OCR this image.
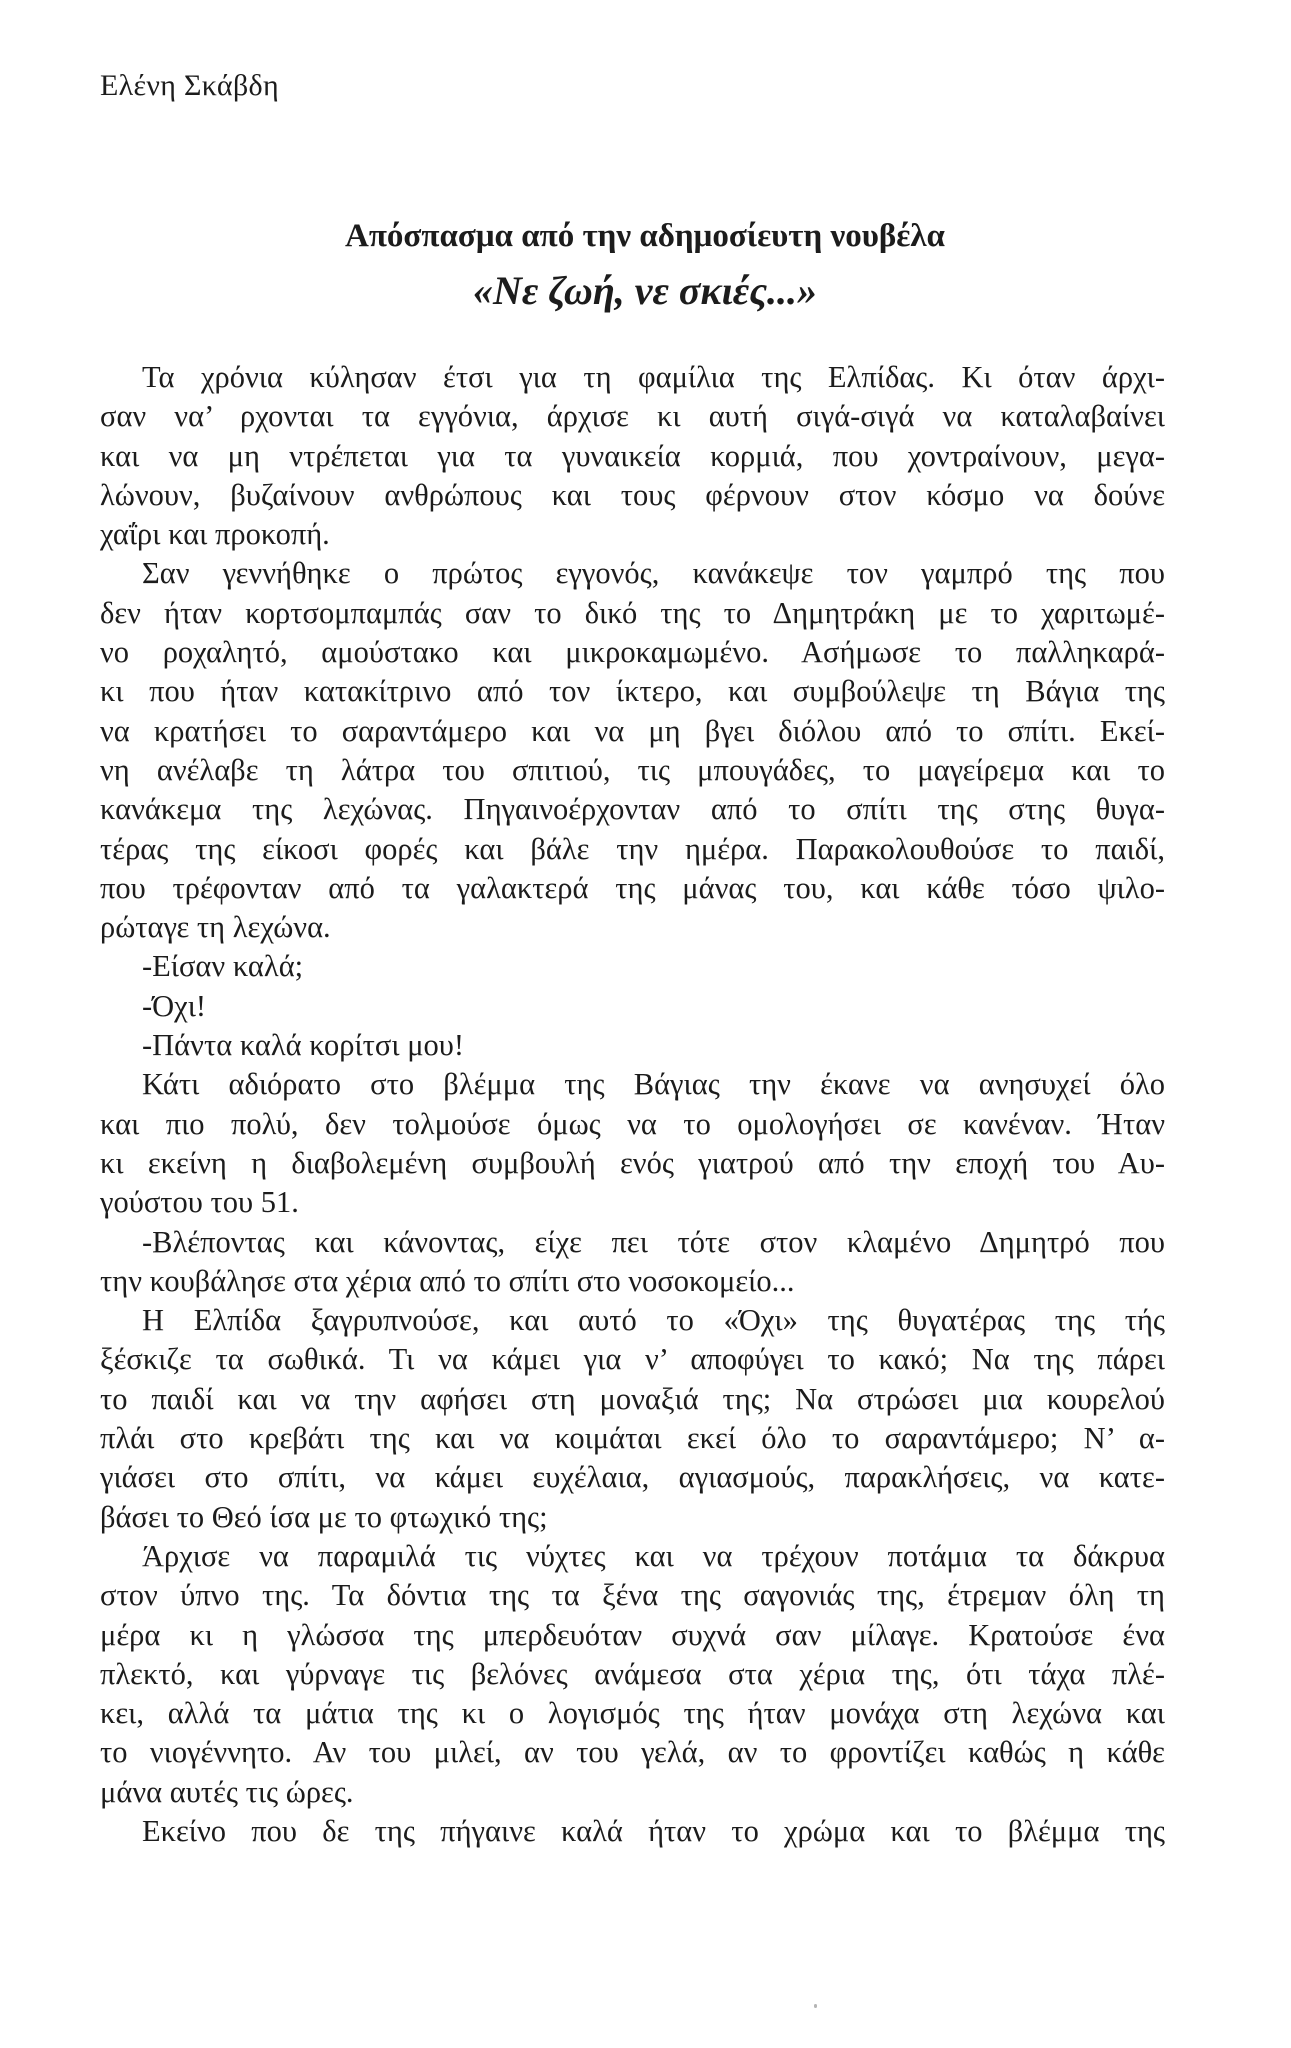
Ελένη Σκάβδη
Απόσπασμα από την αδημοσίευτη νουβέλα
«Νε ζωή, νε σκιές...»
Τα χρόνια κύλησαν έτσι για τη φαμίλια της Ελπίδας. Κι όταν άρχι-
σαν να’ ρχονται τα εγγόνια, άρχισε κι αυτή σιγά-σιγά να καταλαβαίνει
και να μη ντρέπεται για τα γυναικεία κορμιά, που χοντραίνουν, μεγα-
λώνουν, βυζαίνουν ανθρώπους και τους φέρνουν στον κόσμο να δούνε
χαΐρι και προκοπή.
Σαν γεννήθηκε ο πρώτος εγγονός, κανάκεψε τον γαμπρό της που
δεν ήταν κορτσομπαμπάς σαν το δικό της το Δημητράκη με το χαριτωμέ-
νο ροχαλητό, αμούστακο και μικροκαμωμένο. Ασήμωσε το παλληκαρά-
κι που ήταν κατακίτρινο από τον ίκτερο, και συμβούλεψε τη Βάγια της
να κρατήσει το σαραντάμερο και να μη βγει διόλου από το σπίτι. Εκεί-
νη ανέλαβε τη λάτρα του σπιτιού, τις μπουγάδες, το μαγείρεμα και το
κανάκεμα της λεχώνας. Πηγαινοέρχονταν από το σπίτι της στης θυγα-
τέρας της είκοσι φορές και βάλε την ημέρα. Παρακολουθούσε το παιδί,
που τρέφονταν από τα γαλακτερά της μάνας του, και κάθε τόσο ψιλο-
ρώταγε τη λεχώνα.
-Είσαν καλά;
-Όχι!
-Πάντα καλά κορίτσι μου!
Κάτι αδιόρατο στο βλέμμα της Βάγιας την έκανε να ανησυχεί όλο
και πιο πολύ, δεν τολμούσε όμως να το ομολογήσει σε κανέναν. Ήταν
κι εκείνη η διαβολεμένη συμβουλή ενός γιατρού από την εποχή του Αυ-
γούστου του 51.
-Βλέποντας και κάνοντας, είχε πει τότε στον κλαμένο Δημητρό που
την κουβάλησε στα χέρια από το σπίτι στο νοσοκομείο...
Η Ελπίδα ξαγρυπνούσε, και αυτό το «Όχι» της θυγατέρας της τής
ξέσκιζε τα σωθικά. Τι να κάμει για ν’ αποφύγει το κακό; Να της πάρει
το παιδί και να την αφήσει στη μοναξιά της; Να στρώσει μια κουρελού
πλάι στο κρεβάτι της και να κοιμάται εκεί όλο το σαραντάμερο; Ν’ α-
γιάσει στο σπίτι, να κάμει ευχέλαια, αγιασμούς, παρακλήσεις, να κατε-
βάσει το Θεό ίσα με το φτωχικό της;
Άρχισε να παραμιλά τις νύχτες και να τρέχουν ποτάμια τα δάκρυα
στον ύπνο της. Τα δόντια της τα ξένα της σαγονιάς της, έτρεμαν όλη τη
μέρα κι η γλώσσα της μπερδευόταν συχνά σαν μίλαγε. Κρατούσε ένα
πλεκτό, και γύρναγε τις βελόνες ανάμεσα στα χέρια της, ότι τάχα πλέ-
κει, αλλά τα μάτια της κι ο λογισμός της ήταν μονάχα στη λεχώνα και
το νιογέννητο. Αν του μιλεί, αν του γελά, αν το φροντίζει καθώς η κάθε
μάνα αυτές τις ώρες.
Εκείνο που δε της πήγαινε καλά ήταν το χρώμα και το βλέμμα της
